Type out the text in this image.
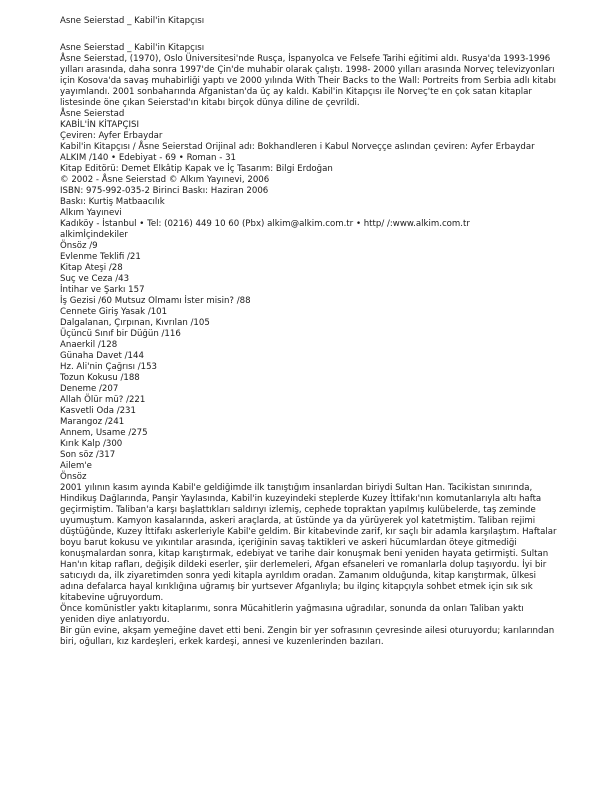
Asne Seierstad _ Kabil'in Kitapçısı
Asne Seierstad _ Kabil'in Kitapçısı
Åsne Seierstad, (1970), Oslo Üniversitesi'nde Rusça, İspanyolca ve Felsefe Tarihi eğitimi aldı. Rusya'da 1993-1996 yılları arasında, daha sonra 1997'de Çin'de muhabir olarak çalıştı. 1998- 2000 yılları arasında Norveç televizyonları için Kosova'da savaş muhabirliği yaptı ve 2000 yılında With Their Backs to the Wall: Portreits from Serbia adlı kitabı yayımlandı. 2001 sonbaharında Afganistan'da üç ay kaldı. Kabil'in Kitapçısı ile Norveç'te en çok satan kitaplar listesinde öne çıkan Seierstad'ın kitabı birçok dünya diline de çevrildi.
Åsne Seierstad
KABİL'İN KİTAPÇISI
Çeviren: Ayfer Erbaydar
Kabil'in Kitapçısı / Åsne Seierstad Orijinal adı: Bokhandleren i Kabul Norveççe aslından çeviren: Ayfer Erbaydar ALKIM /140 • Edebiyat - 69 • Roman - 31
Kitap Editörü: Demet Elkâtip Kapak ve İç Tasarım: Bilgi Erdoğan
© 2002 - Åsne Seierstad © Alkım Yayınevi, 2006
ISBN: 975-992-035-2 Birinci Baskı: Haziran 2006
Baskı: Kurtiş Matbaacılık
Alkım Yayınevi
Kadıköy - İstanbul • Tel: (0216) 449 10 60 (Pbx) alkim@alkim.com.tr • http/ /:www.alkim.com.tr
alkimİçindekiler
Önsöz /9
Evlenme Teklifi /21
Kitap Ateşi /28
Suç ve Ceza /43
İntihar ve Şarkı 157
İş Gezisi /60 Mutsuz Olmamı İster misin? /88
Cennete Giriş Yasak /101
Dalgalanan, Çırpınan, Kıvrılan /105
Üçüncü Sınıf bir Düğün /116
Anaerkil /128
Günaha Davet /144
Hz. Ali'nin Çağrısı /153
Tozun Kokusu /188
Deneme /207
Allah Ölür mü? /221
Kasvetli Oda /231
Marangoz /241
Annem, Usame /275
Kırık Kalp /300
Son söz /317
Ailem'e
Önsöz
2001 yılının kasım ayında Kabil'e geldiğimde ilk tanıştığım insanlardan biriydi Sultan Han. Tacikistan sınırında, Hindikuş Dağlarında, Panşir Yaylasında, Kabil'in kuzeyindeki steplerde Kuzey İttifakı'nın komutanlarıyla altı hafta geçirmiştim. Taliban'a karşı başlattıkları saldırıyı izlemiş, cephede topraktan yapılmış kulübelerde, taş zeminde uyumuştum. Kamyon kasalarında, askeri araçlarda, at üstünde ya da yürüyerek yol katetmiştim. Taliban rejimi düştüğünde, Kuzey İttifakı askerleriyle Kabil'e geldim. Bir kitabevinde zarif, kır saçlı bir adamla karşılaştım. Haftalar boyu barut kokusu ve yıkıntılar arasında, içeriğinin savaş taktikleri ve askeri hücumlardan öteye gitmediği konuşmalardan sonra, kitap karıştırmak, edebiyat ve tarihe dair konuşmak beni yeniden hayata getirmişti. Sultan Han'ın kitap rafları, değişik dildeki eserler, şiir derlemeleri, Afgan efsaneleri ve romanlarla dolup taşıyordu. İyi bir satıcıydı da, ilk ziyaretimden sonra yedi kitapla ayrıldım oradan. Zamanım olduğunda, kitap karıştırmak, ülkesi adına defalarca hayal kırıklığına uğramış bir yurtsever Afganlıyla; bu ilginç kitapçıyla sohbet etmek için sık sık kitabevine uğruyordum.
Önce komünistler yaktı kitaplarımı, sonra Mücahitlerin yağmasına uğradılar, sonunda da onları Taliban yaktı yeniden diye anlatıyordu.
Bir gün evine, akşam yemeğine davet etti beni. Zengin bir yer sofrasının çevresinde ailesi oturuyordu; karılarından biri, oğulları, kız kardeşleri, erkek kardeşi, annesi ve kuzenlerinden bazıları.
